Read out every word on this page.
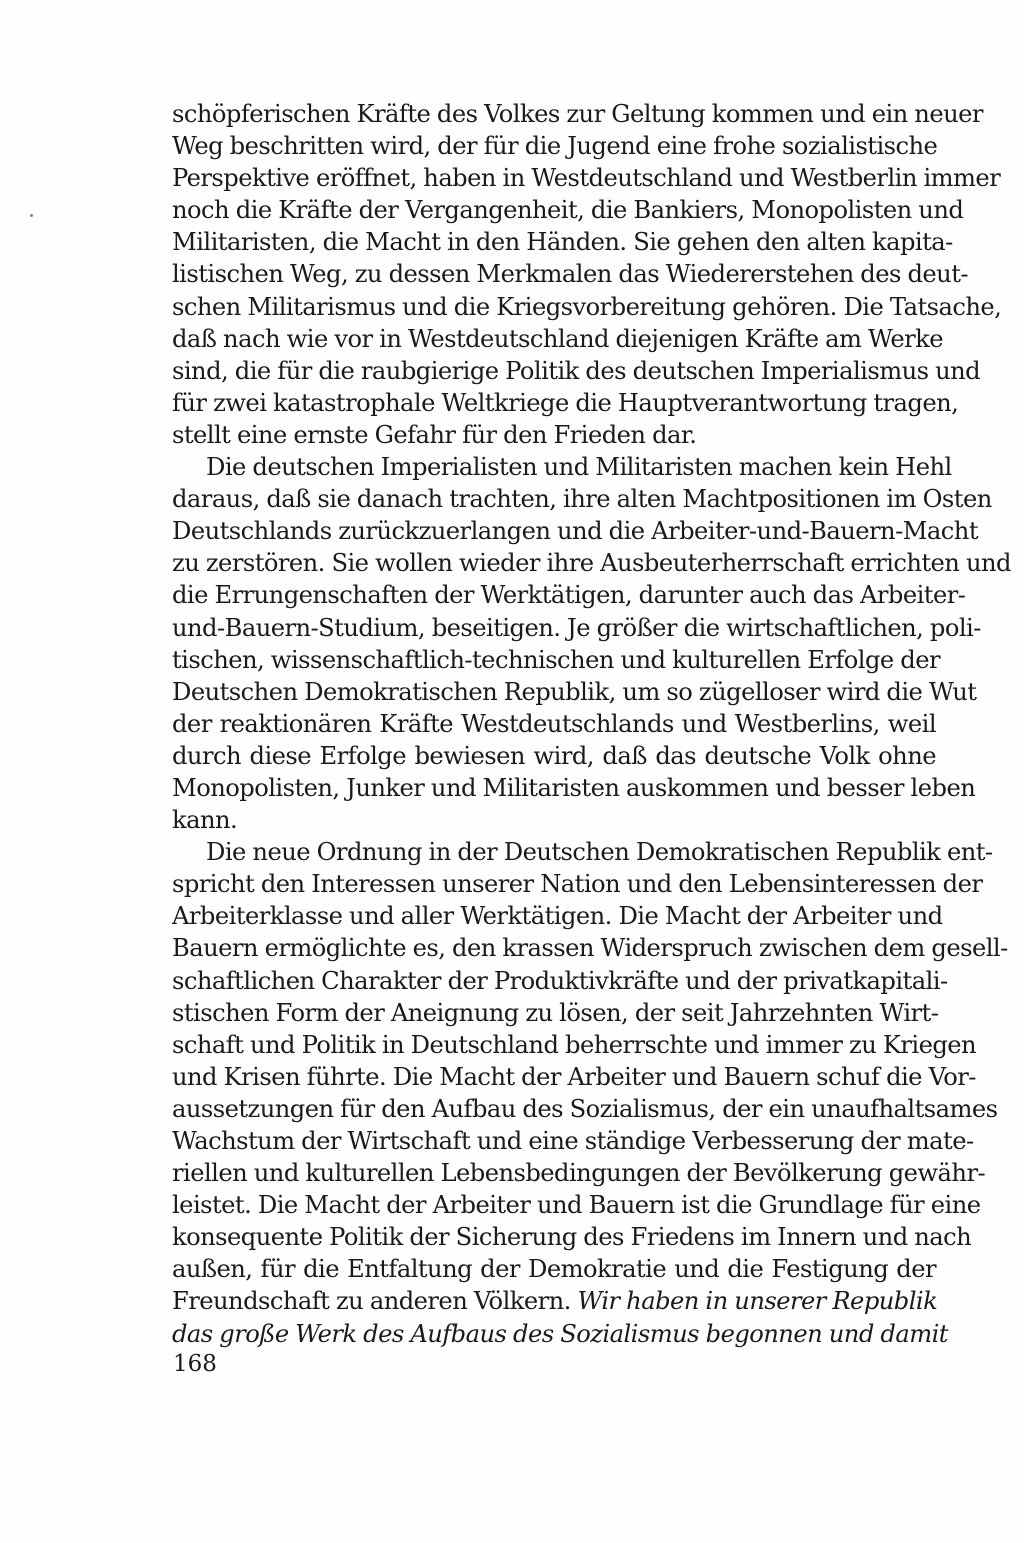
schöpferischen Kräfte des Volkes zur Geltung kommen und ein neuer
Weg beschritten wird, der für die Jugend eine frohe sozialistische
Perspektive eröffnet, haben in Westdeutschland und Westberlin immer
noch die Kräfte der Vergangenheit, die Bankiers, Monopolisten und
Militaristen, die Macht in den Händen. Sie gehen den alten kapita-
listischen Weg, zu dessen Merkmalen das Wiedererstehen des deut-
schen Militarismus und die Kriegsvorbereitung gehören. Die Tatsache,
daß nach wie vor in Westdeutschland diejenigen Kräfte am Werke
sind, die für die raubgierige Politik des deutschen Imperialismus und
für zwei katastrophale Weltkriege die Hauptverantwortung tragen,
stellt eine ernste Gefahr für den Frieden dar.
Die deutschen Imperialisten und Militaristen machen kein Hehl
daraus, daß sie danach trachten, ihre alten Machtpositionen im Osten
Deutschlands zurückzuerlangen und die Arbeiter-und-Bauern-Macht
zu zerstören. Sie wollen wieder ihre Ausbeuterherrschaft errichten und
die Errungenschaften der Werktätigen, darunter auch das Arbeiter-
und-Bauern-Studium, beseitigen. Je größer die wirtschaftlichen, poli-
tischen, wissenschaftlich-technischen und kulturellen Erfolge der
Deutschen Demokratischen Republik, um so zügelloser wird die Wut
der reaktionären Kräfte Westdeutschlands und Westberlins, weil
durch diese Erfolge bewiesen wird, daß das deutsche Volk ohne
Monopolisten, Junker und Militaristen auskommen und besser leben
kann.
Die neue Ordnung in der Deutschen Demokratischen Republik ent-
spricht den Interessen unserer Nation und den Lebensinteressen der
Arbeiterklasse und aller Werktätigen. Die Macht der Arbeiter und
Bauern ermöglichte es, den krassen Widerspruch zwischen dem gesell-
schaftlichen Charakter der Produktivkräfte und der privatkapitali-
stischen Form der Aneignung zu lösen, der seit Jahrzehnten Wirt-
schaft und Politik in Deutschland beherrschte und immer zu Kriegen
und Krisen führte. Die Macht der Arbeiter und Bauern schuf die Vor-
aussetzungen für den Aufbau des Sozialismus, der ein unaufhaltsames
Wachstum der Wirtschaft und eine ständige Verbesserung der mate-
riellen und kulturellen Lebensbedingungen der Bevölkerung gewähr-
leistet. Die Macht der Arbeiter und Bauern ist die Grundlage für eine
konsequente Politik der Sicherung des Friedens im Innern und nach
außen, für die Entfaltung der Demokratie und die Festigung der
Freundschaft zu anderen Völkern. Wir haben in unserer Republik
das große Werk des Aufbaus des Sozialismus begonnen und damit
168
